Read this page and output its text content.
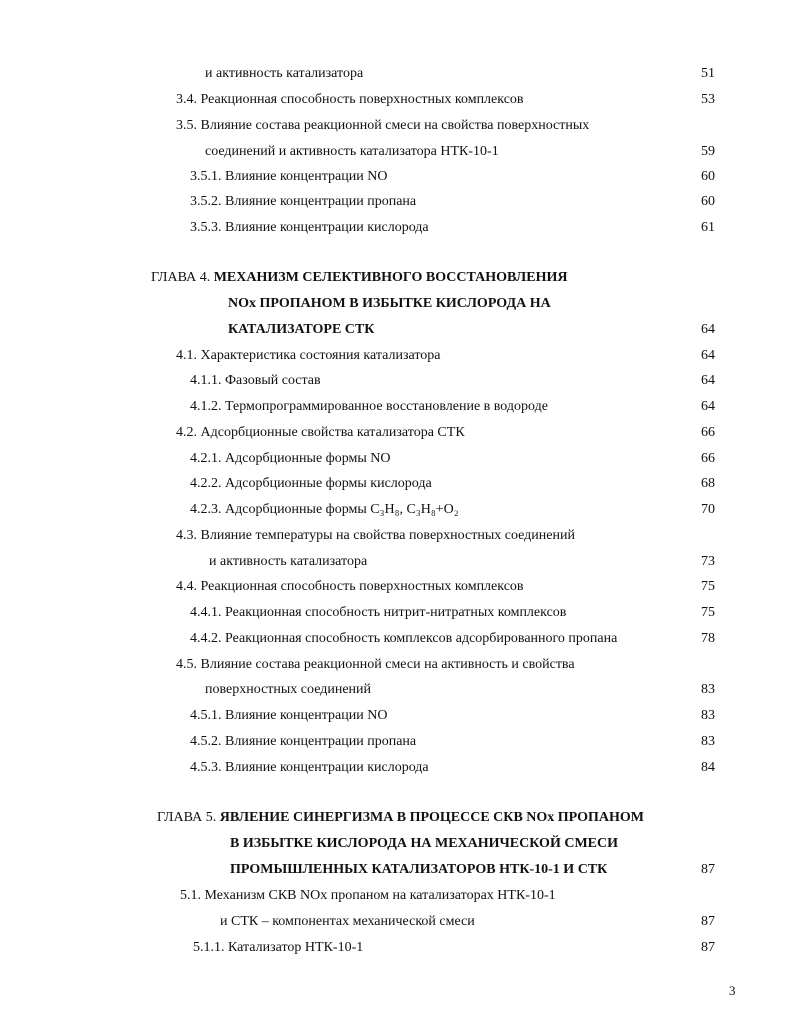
и активность катализатора	51
3.4. Реакционная способность поверхностных комплексов	53
3.5. Влияние состава реакционной смеси на свойства поверхностных
соединений и активность катализатора НТК-10-1	59
3.5.1. Влияние концентрации NO	60
3.5.2. Влияние концентрации пропана	60
3.5.3. Влияние концентрации кислорода	61
ГЛАВА 4. МЕХАНИЗМ СЕЛЕКТИВНОГО ВОССТАНОВЛЕНИЯ
NOx ПРОПАНОМ В ИЗБЫТКЕ КИСЛОРОДА НА
КАТАЛИЗАТОРЕ СТК	64
4.1. Характеристика состояния катализатора	64
4.1.1. Фазовый состав	64
4.1.2. Термопрограммированное восстановление в водороде	64
4.2. Адсорбционные свойства катализатора СТК	66
4.2.1. Адсорбционные формы NO	66
4.2.2. Адсорбционные формы кислорода	68
4.2.3. Адсорбционные формы C₃H₈, C₃H₈+O₂	70
4.3. Влияние температуры на свойства поверхностных соединений
и активность катализатора	73
4.4. Реакционная способность поверхностных комплексов	75
4.4.1. Реакционная способность нитрит-нитратных комплексов	75
4.4.2. Реакционная способность комплексов адсорбированного пропана	78
4.5. Влияние состава реакционной смеси на активность и свойства
поверхностных соединений	83
4.5.1. Влияние концентрации NO	83
4.5.2. Влияние концентрации пропана	83
4.5.3. Влияние концентрации кислорода	84
ГЛАВА 5. ЯВЛЕНИЕ СИНЕРГИЗМА В ПРОЦЕССЕ СКВ NOx ПРОПАНОМ
В ИЗБЫТКЕ КИСЛОРОДА НА МЕХАНИЧЕСКОЙ СМЕСИ
ПРОМЫШЛЕННЫХ КАТАЛИЗАТОРОВ НТК-10-1 И СТК	87
5.1. Механизм СКВ NOx пропаном на катализаторах НТК-10-1
и СТК – компонентах механической смеси	87
5.1.1. Катализатор НТК-10-1	87
3
